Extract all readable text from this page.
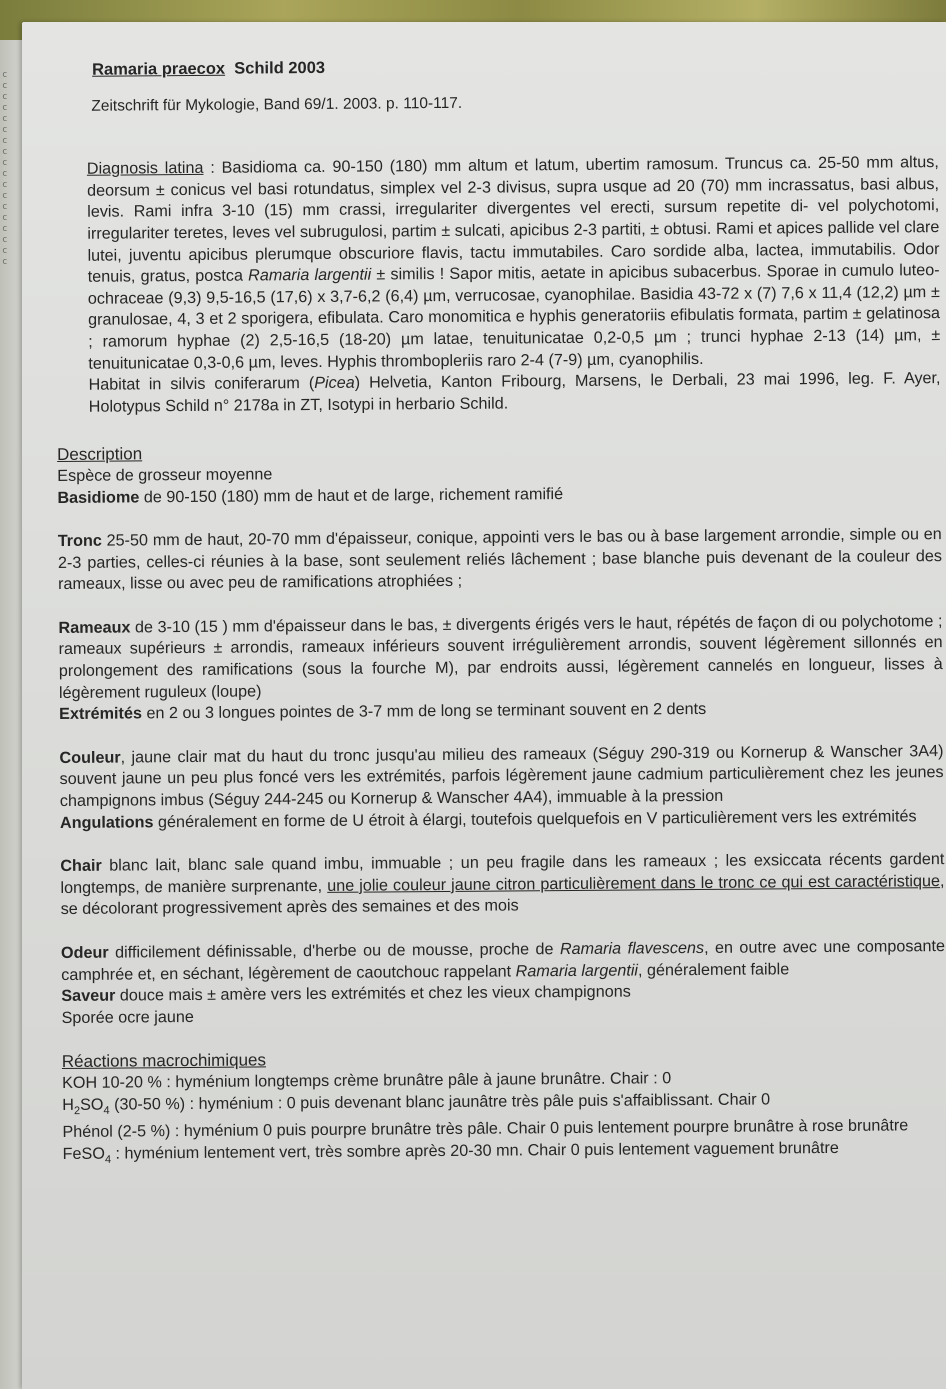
c
c
c
c
c
c
c
c
c
c
c
c
c
c
c
c
c
c

Ramaria praecox Schild 2003

Zeitschrift für Mykologie, Band 69/1. 2003. p. 110-117.

Diagnosis latina : Basidioma ca. 90-150 (180) mm altum et latum, ubertim ramosum. Truncus ca. 25-50 mm altus, deorsum ± conicus vel basi rotundatus, simplex vel 2-3 divisus, supra usque ad 20 (70) mm incrassatus, basi albus, levis. Rami infra 3-10 (15) mm crassi, irregulariter divergentes vel erecti, sursum repetite di- vel polychotomi, irregulariter teretes, leves vel subrugulosi, partim ± sulcati, apicibus 2-3 partiti, ± obtusi. Rami et apices pallide vel clare lutei, juventu apicibus plerumque obscuriore flavis, tactu immutabiles. Caro sordide alba, lactea, immutabilis. Odor tenuis, gratus, postca Ramaria largentii ± similis ! Sapor mitis, aetate in apicibus subacerbus. Sporae in cumulo luteo-ochraceae (9,3) 9,5-16,5 (17,6) x 3,7-6,2 (6,4) µm, verrucosae, cyanophilae. Basidia 43-72 x (7) 7,6 x 11,4 (12,2) µm ± granulosae, 4, 3 et 2 sporigera, efibulata. Caro monomitica e hyphis generatoriis efibulatis formata, partim ± gelatinosa ; ramorum hyphae (2) 2,5-16,5 (18-20) µm latae, tenuitunicatae 0,2-0,5 µm ; trunci hyphae 2-13 (14) µm, ± tenuitunicatae 0,3-0,6 µm, leves. Hyphis thrombopleriis raro 2-4 (7-9) µm, cyanophilis.
Habitat in silvis coniferarum (Picea) Helvetia, Kanton Fribourg, Marsens, le Derbali, 23 mai 1996, leg. F. Ayer, Holotypus Schild n° 2178a in ZT, Isotypi in herbario Schild.

Description

Espèce de grosseur moyenne

Basidiome de 90-150 (180) mm de haut et de large, richement ramifié

Tronc 25-50 mm de haut, 20-70 mm d'épaisseur, conique, appointi vers le bas ou à base largement arrondie, simple ou en 2-3 parties, celles-ci réunies à la base, sont seulement reliés lâchement ; base blanche puis devenant de la couleur des rameaux, lisse ou avec peu de ramifications atrophiées ;

Rameaux de 3-10 (15 ) mm d'épaisseur dans le bas, ± divergents érigés vers le haut, répétés de façon di ou polychotome ; rameaux supérieurs ± arrondis, rameaux inférieurs souvent irrégulièrement arrondis, souvent légèrement sillonnés en prolongement des ramifications (sous la fourche M), par endroits aussi, légèrement cannelés en longueur, lisses à légèrement ruguleux (loupe)

Extrémités en 2 ou 3 longues pointes de 3-7 mm de long se terminant souvent en 2 dents

Couleur, jaune clair mat du haut du tronc jusqu'au milieu des rameaux (Séguy 290-319 ou Kornerup & Wanscher 3A4) souvent jaune un peu plus foncé vers les extrémités, parfois légèrement jaune cadmium particulièrement chez les jeunes champignons imbus (Séguy 244-245 ou Kornerup & Wanscher 4A4), immuable à la pression

Angulations généralement en forme de U étroit à élargi, toutefois quelquefois en V particulièrement vers les extrémités

Chair blanc lait, blanc sale quand imbu, immuable ; un peu fragile dans les rameaux ; les exsiccata récents gardent longtemps, de manière surprenante, une jolie couleur jaune citron particulièrement dans le tronc ce qui est caractéristique, se décolorant progressivement après des semaines et des mois

Odeur difficilement définissable, d'herbe ou de mousse, proche de Ramaria flavescens, en outre avec une composante camphrée et, en séchant, légèrement de caoutchouc rappelant Ramaria largentii, généralement faible

Saveur douce mais ± amère vers les extrémités et chez les vieux champignons

Sporée ocre jaune

Réactions macrochimiques

KOH 10-20 % : hyménium longtemps crème brunâtre pâle à jaune brunâtre. Chair : 0

$H_2SO_4$ (30-50 %) : hyménium : 0 puis devenant blanc jaunâtre très pâle puis s'affaiblissant. Chair 0

Phénol (2-5 %) : hyménium 0 puis pourpre brunâtre très pâle. Chair 0 puis lentement pourpre brunâtre à rose brunâtre

FeSO$_4$ : hyménium lentement vert, très sombre après 20-30 mn. Chair 0 puis lentement vaguement brunâtre
